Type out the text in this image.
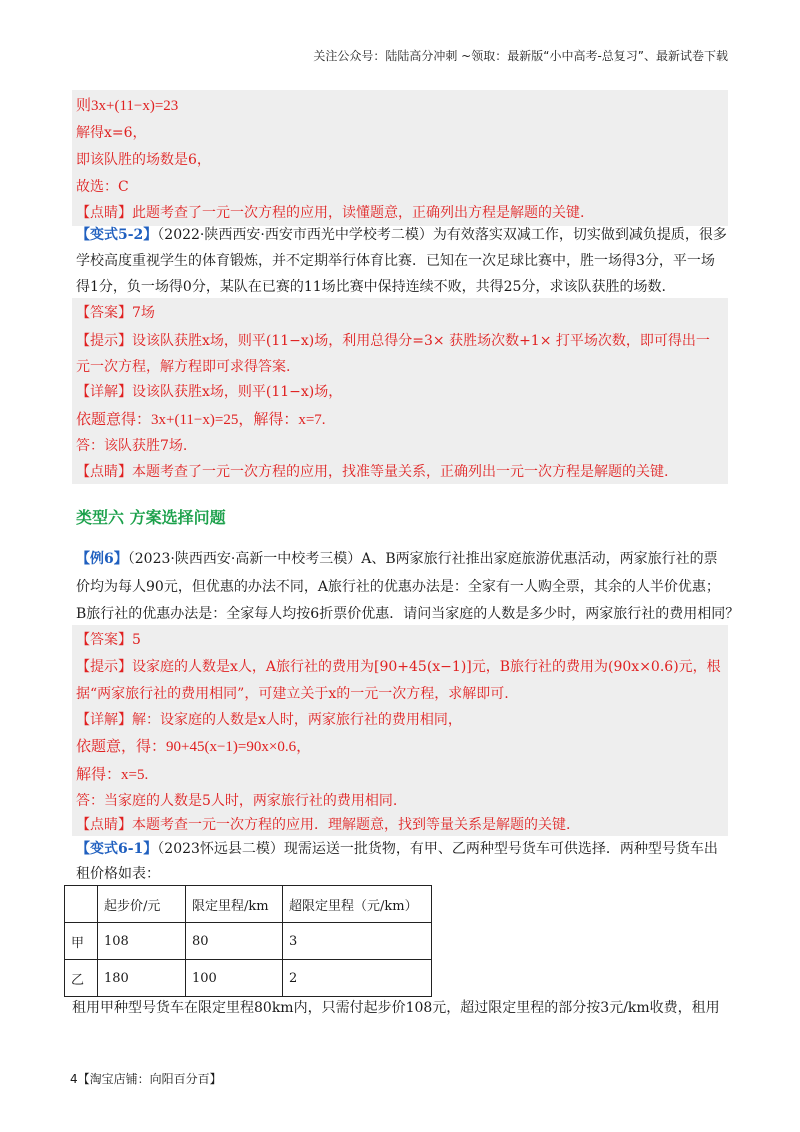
关注公众号：陆陆高分冲刺 ~领取：最新版“小中高考-总复习”、最新试卷下载
则3x+(11−x)=23
解得x=6，
即该队胜的场数是6，
故选：C
【点睛】此题考查了一元一次方程的应用，读懂题意，正确列出方程是解题的关键.
【变式5-2】（2022·陕西西安·西安市西光中学校考二模）为有效落实双减工作，切实做到减负提质，很多
学校高度重视学生的体育锻炼，并不定期举行体育比赛．已知在一次足球比赛中，胜一场得3分，平一场
得1分，负一场得0分，某队在已赛的11场比赛中保持连续不败，共得25分，求该队获胜的场数.
【答案】7场
【提示】设该队获胜x场，则平(11−x)场，利用总得分=3× 获胜场次数+1× 打平场次数，即可得出一
元一次方程，解方程即可求得答案.
【详解】设该队获胜x场，则平(11−x)场，
依题意得：3x+(11−x)=25，解得：x=7.
答：该队获胜7场.
【点睛】本题考查了一元一次方程的应用，找准等量关系，正确列出一元一次方程是解题的关键.
类型六 方案选择问题
【例6】（2023·陕西西安·高新一中校考三模）A、B两家旅行社推出家庭旅游优惠活动，两家旅行社的票
价均为每人90元，但优惠的办法不同，A旅行社的优惠办法是：全家有一人购全票，其余的人半价优惠；
B旅行社的优惠办法是：全家每人均按6折票价优惠．请问当家庭的人数是多少时，两家旅行社的费用相同？
【答案】5
【提示】设家庭的人数是x人，A旅行社的费用为[90+45(x−1)]元，B旅行社的费用为(90x×0.6)元，根
据“两家旅行社的费用相同”，可建立关于x的一元一次方程，求解即可.
【详解】解：设家庭的人数是x人时，两家旅行社的费用相同，
依题意，得：90+45(x−1)=90x×0.6，
解得：x=5.
答：当家庭的人数是5人时，两家旅行社的费用相同.
【点睛】本题考查一元一次方程的应用．理解题意，找到等量关系是解题的关键.
【变式6-1】（2023怀远县二模）现需运送一批货物，有甲、乙两种型号货车可供选择．两种型号货车出
租价格如表：
	起步价/元	限定里程/km	超限定里程（元/km）
甲	108	80	3
乙	180	100	2
租用甲种型号货车在限定里程80km内，只需付起步价108元，超过限定里程的部分按3元/km收费，租用
4【淘宝店铺：向阳百分百】
